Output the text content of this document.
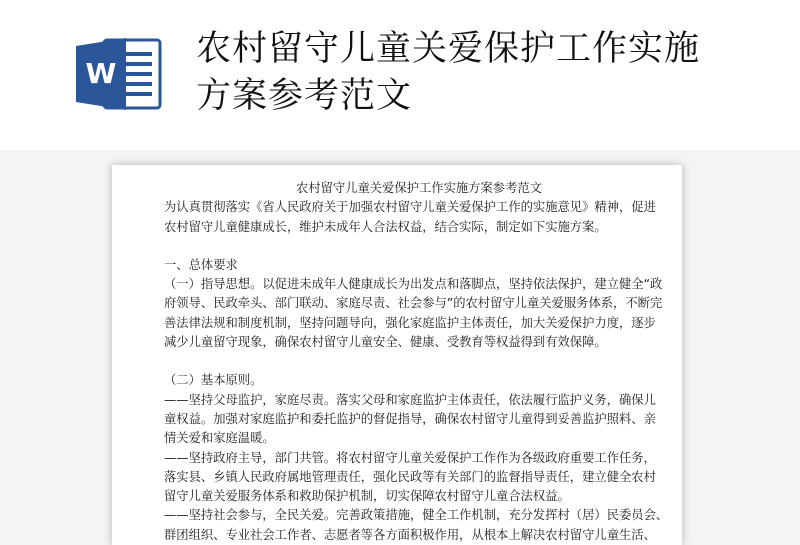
W
农村留守儿童关爱保护工作实施
方案参考范文

农村留守儿童关爱保护工作实施方案参考范文

为认真贯彻落实《省人民政府关于加强农村留守儿童关爱保护工作的实施意见》精神，促进

农村留守儿童健康成长，维护未成年人合法权益，结合实际，制定如下实施方案。

一、总体要求

（一）指导思想。以促进未成年人健康成长为出发点和落脚点，坚持依法保护，建立健全“政

府领导、民政牵头、部门联动、家庭尽责、社会参与”的农村留守儿童关爱服务体系，不断完

善法律法规和制度机制，坚持问题导向，强化家庭监护主体责任，加大关爱保护力度，逐步

减少儿童留守现象，确保农村留守儿童安全、健康、受教育等权益得到有效保障。

（二）基本原则。

——坚持父母监护，家庭尽责。落实父母和家庭监护主体责任，依法履行监护义务，确保儿

童权益。加强对家庭监护和委托监护的督促指导，确保农村留守儿童得到妥善监护照料、亲

情关爱和家庭温暖。

——坚持政府主导，部门共管。将农村留守儿童关爱保护工作作为各级政府重要工作任务，

落实县、乡镇人民政府属地管理责任，强化民政等有关部门的监督指导责任，建立健全农村

留守儿童关爱服务体系和救助保护机制，切实保障农村留守儿童合法权益。

——坚持社会参与，全民关爱。完善政策措施，健全工作机制，充分发挥村（居）民委员会、

群团组织、专业社会工作者、志愿者等各方面积极作用，从根本上解决农村留守儿童生活、
